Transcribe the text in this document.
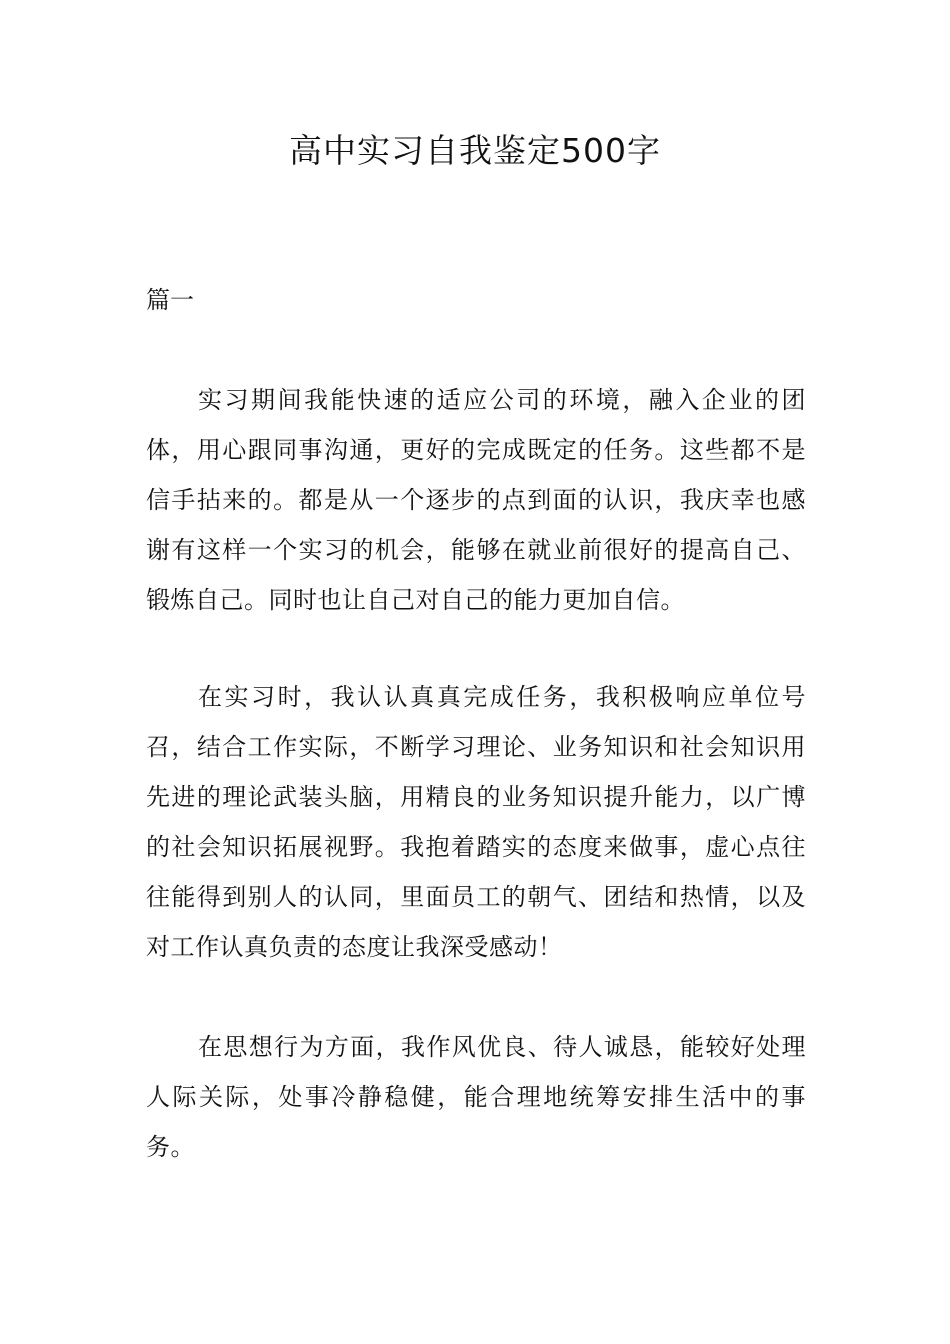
高中实习自我鉴定500字

篇一

实习期间我能快速的适应公司的环境，融入企业的团体，用心跟同事沟通，更好的完成既定的任务。这些都不是信手拈来的。都是从一个逐步的点到面的认识，我庆幸也感谢有这样一个实习的机会，能够在就业前很好的提高自己、锻炼自己。同时也让自己对自己的能力更加自信。

在实习时，我认认真真完成任务，我积极响应单位号召，结合工作实际，不断学习理论、业务知识和社会知识用先进的理论武装头脑，用精良的业务知识提升能力，以广博的社会知识拓展视野。我抱着踏实的态度来做事，虚心点往往能得到别人的认同，里面员工的朝气、团结和热情，以及对工作认真负责的态度让我深受感动！

在思想行为方面，我作风优良、待人诚恳，能较好处理人际关际，处事冷静稳健，能合理地统筹安排生活中的事务。
